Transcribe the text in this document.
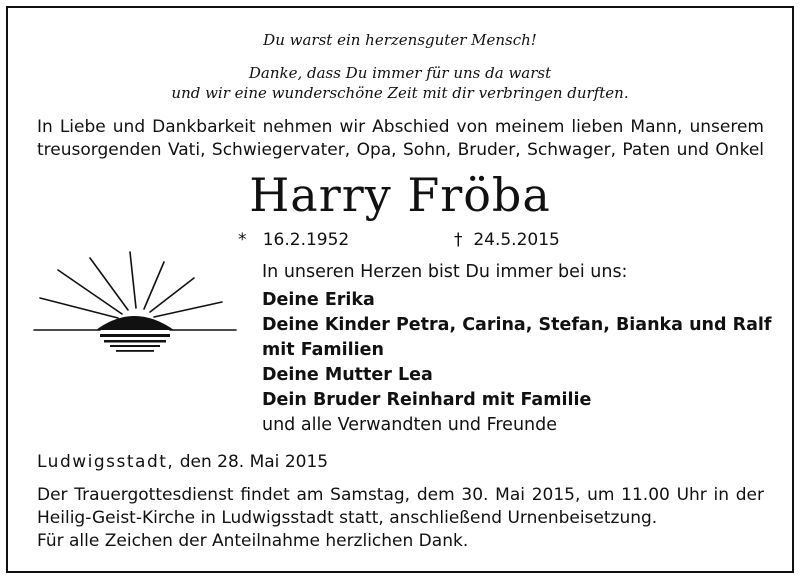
Du warst ein herzensguter Mensch!
Danke, dass Du immer für uns da warst
und wir eine wunderschöne Zeit mit dir verbringen durften.
In Liebe und Dankbarkeit nehmen wir Abschied von meinem lieben Mann, unserem
treusorgenden Vati, Schwiegervater, Opa, Sohn, Bruder, Schwager, Paten und Onkel
Harry Fröba
* 16.2.1952	† 24.5.2015
In unseren Herzen bist Du immer bei uns:
Deine Erika
Deine Kinder Petra, Carina, Stefan, Bianka und Ralf
mit Familien
Deine Mutter Lea
Dein Bruder Reinhard mit Familie
und alle Verwandten und Freunde
Ludwigsstadt, den 28. Mai 2015
Der Trauergottesdienst findet am Samstag, dem 30. Mai 2015, um 11.00 Uhr in der
Heilig-Geist-Kirche in Ludwigsstadt statt, anschließend Urnenbeisetzung.
Für alle Zeichen der Anteilnahme herzlichen Dank.
